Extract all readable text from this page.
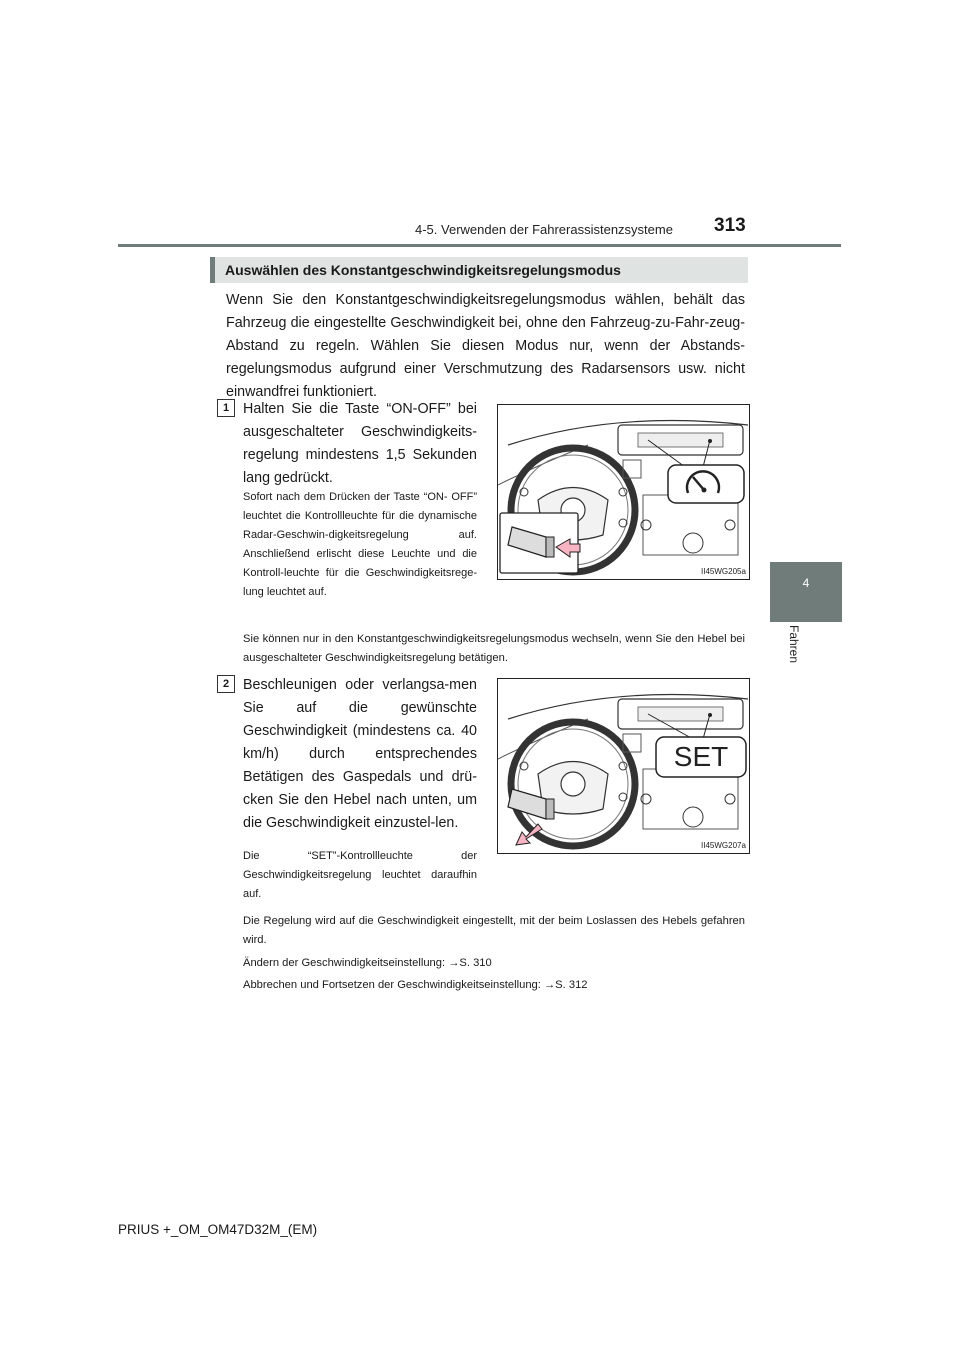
4-5. Verwenden der Fahrerassistenzsysteme 313
4
Fahren
Auswählen des Konstantgeschwindigkeitsregelungsmodus
Wenn Sie den Konstantgeschwindigkeitsregelungsmodus wählen, behält das Fahrzeug die eingestellte Geschwindigkeit bei, ohne den Fahrzeug-zu-Fahr-zeug-Abstand zu regeln. Wählen Sie diesen Modus nur, wenn der Abstands-regelungsmodus aufgrund einer Verschmutzung des Radarsensors usw. nicht einwandfrei funktioniert.
1 Halten Sie die Taste “ON-OFF” bei ausgeschalteter Geschwindigkeits-regelung mindestens 1,5 Sekunden lang gedrückt.
Sofort nach dem Drücken der Taste “ON- OFF” leuchtet die Kontrollleuchte für die dynamische Radar-Geschwin-digkeitsregelung auf. Anschließend erlischt diese Leuchte und die Kontroll-leuchte für die Geschwindigkeitsrege-lung leuchtet auf.
II45WG205a
Sie können nur in den Konstantgeschwindigkeitsregelungsmodus wechseln, wenn Sie den Hebel bei ausgeschalteter Geschwindigkeitsregelung betätigen.
2 Beschleunigen oder verlangsa-men Sie auf die gewünschte Geschwindigkeit (mindestens ca. 40 km/h) durch entsprechendes Betätigen des Gaspedals und drü-cken Sie den Hebel nach unten, um die Geschwindigkeit einzustel-len.
Die “SET”-Kontrollleuchte der Geschwindigkeitsregelung leuchtet daraufhin auf.
SET
II45WG207a
Die Regelung wird auf die Geschwindigkeit eingestellt, mit der beim Loslassen des Hebels gefahren wird.
Ändern der Geschwindigkeitseinstellung: →S. 310
Abbrechen und Fortsetzen der Geschwindigkeitseinstellung: →S. 312
PRIUS +_OM_OM47D32M_(EM)
